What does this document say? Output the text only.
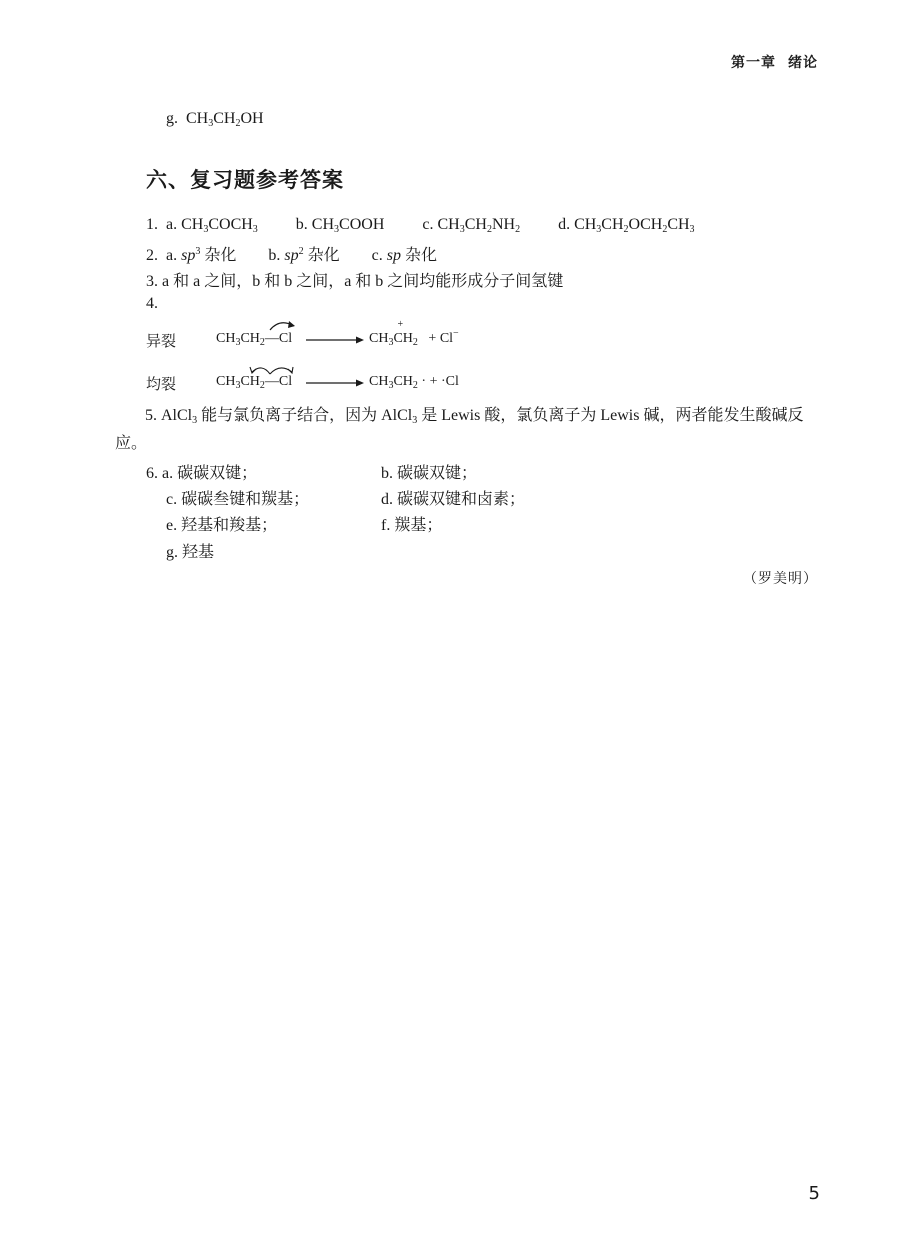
第一章 绪论
g. $CH_3CH_2OH$
六、复习题参考答案
1. a. $CH_3COCH_3$ b. $CH_3COOH$ c. $CH_3CH_2NH_2$ d. $CH_3CH_2OCH_2CH_3$
2. a. $sp^3$ 杂化 b. $sp^2$ 杂化 c. sp 杂化
3. a 和 a 之间，b 和 b 之间，a 和 b 之间均能形成分子间氢键
4.
异裂	$CH_3CH_2—Cl \to CH_3CH$
+
$_2$ + Cl−
均裂	$CH_3CH_2—Cl \to CH_3CH_2$ · + ·Cl
5. AlCl$_3$ 能与氯负离子结合，因为 AlCl$_3$ 是 Lewis 酸，氯负离子为 Lewis 碱，两者能发生酸碱反应。
6. a. 碳碳双键；	b. 碳碳双键；
c. 碳碳叁键和羰基；	d. 碳碳双键和卤素；
e. 羟基和羧基；	f. 羰基；
g. 羟基
（罗美明）
5
